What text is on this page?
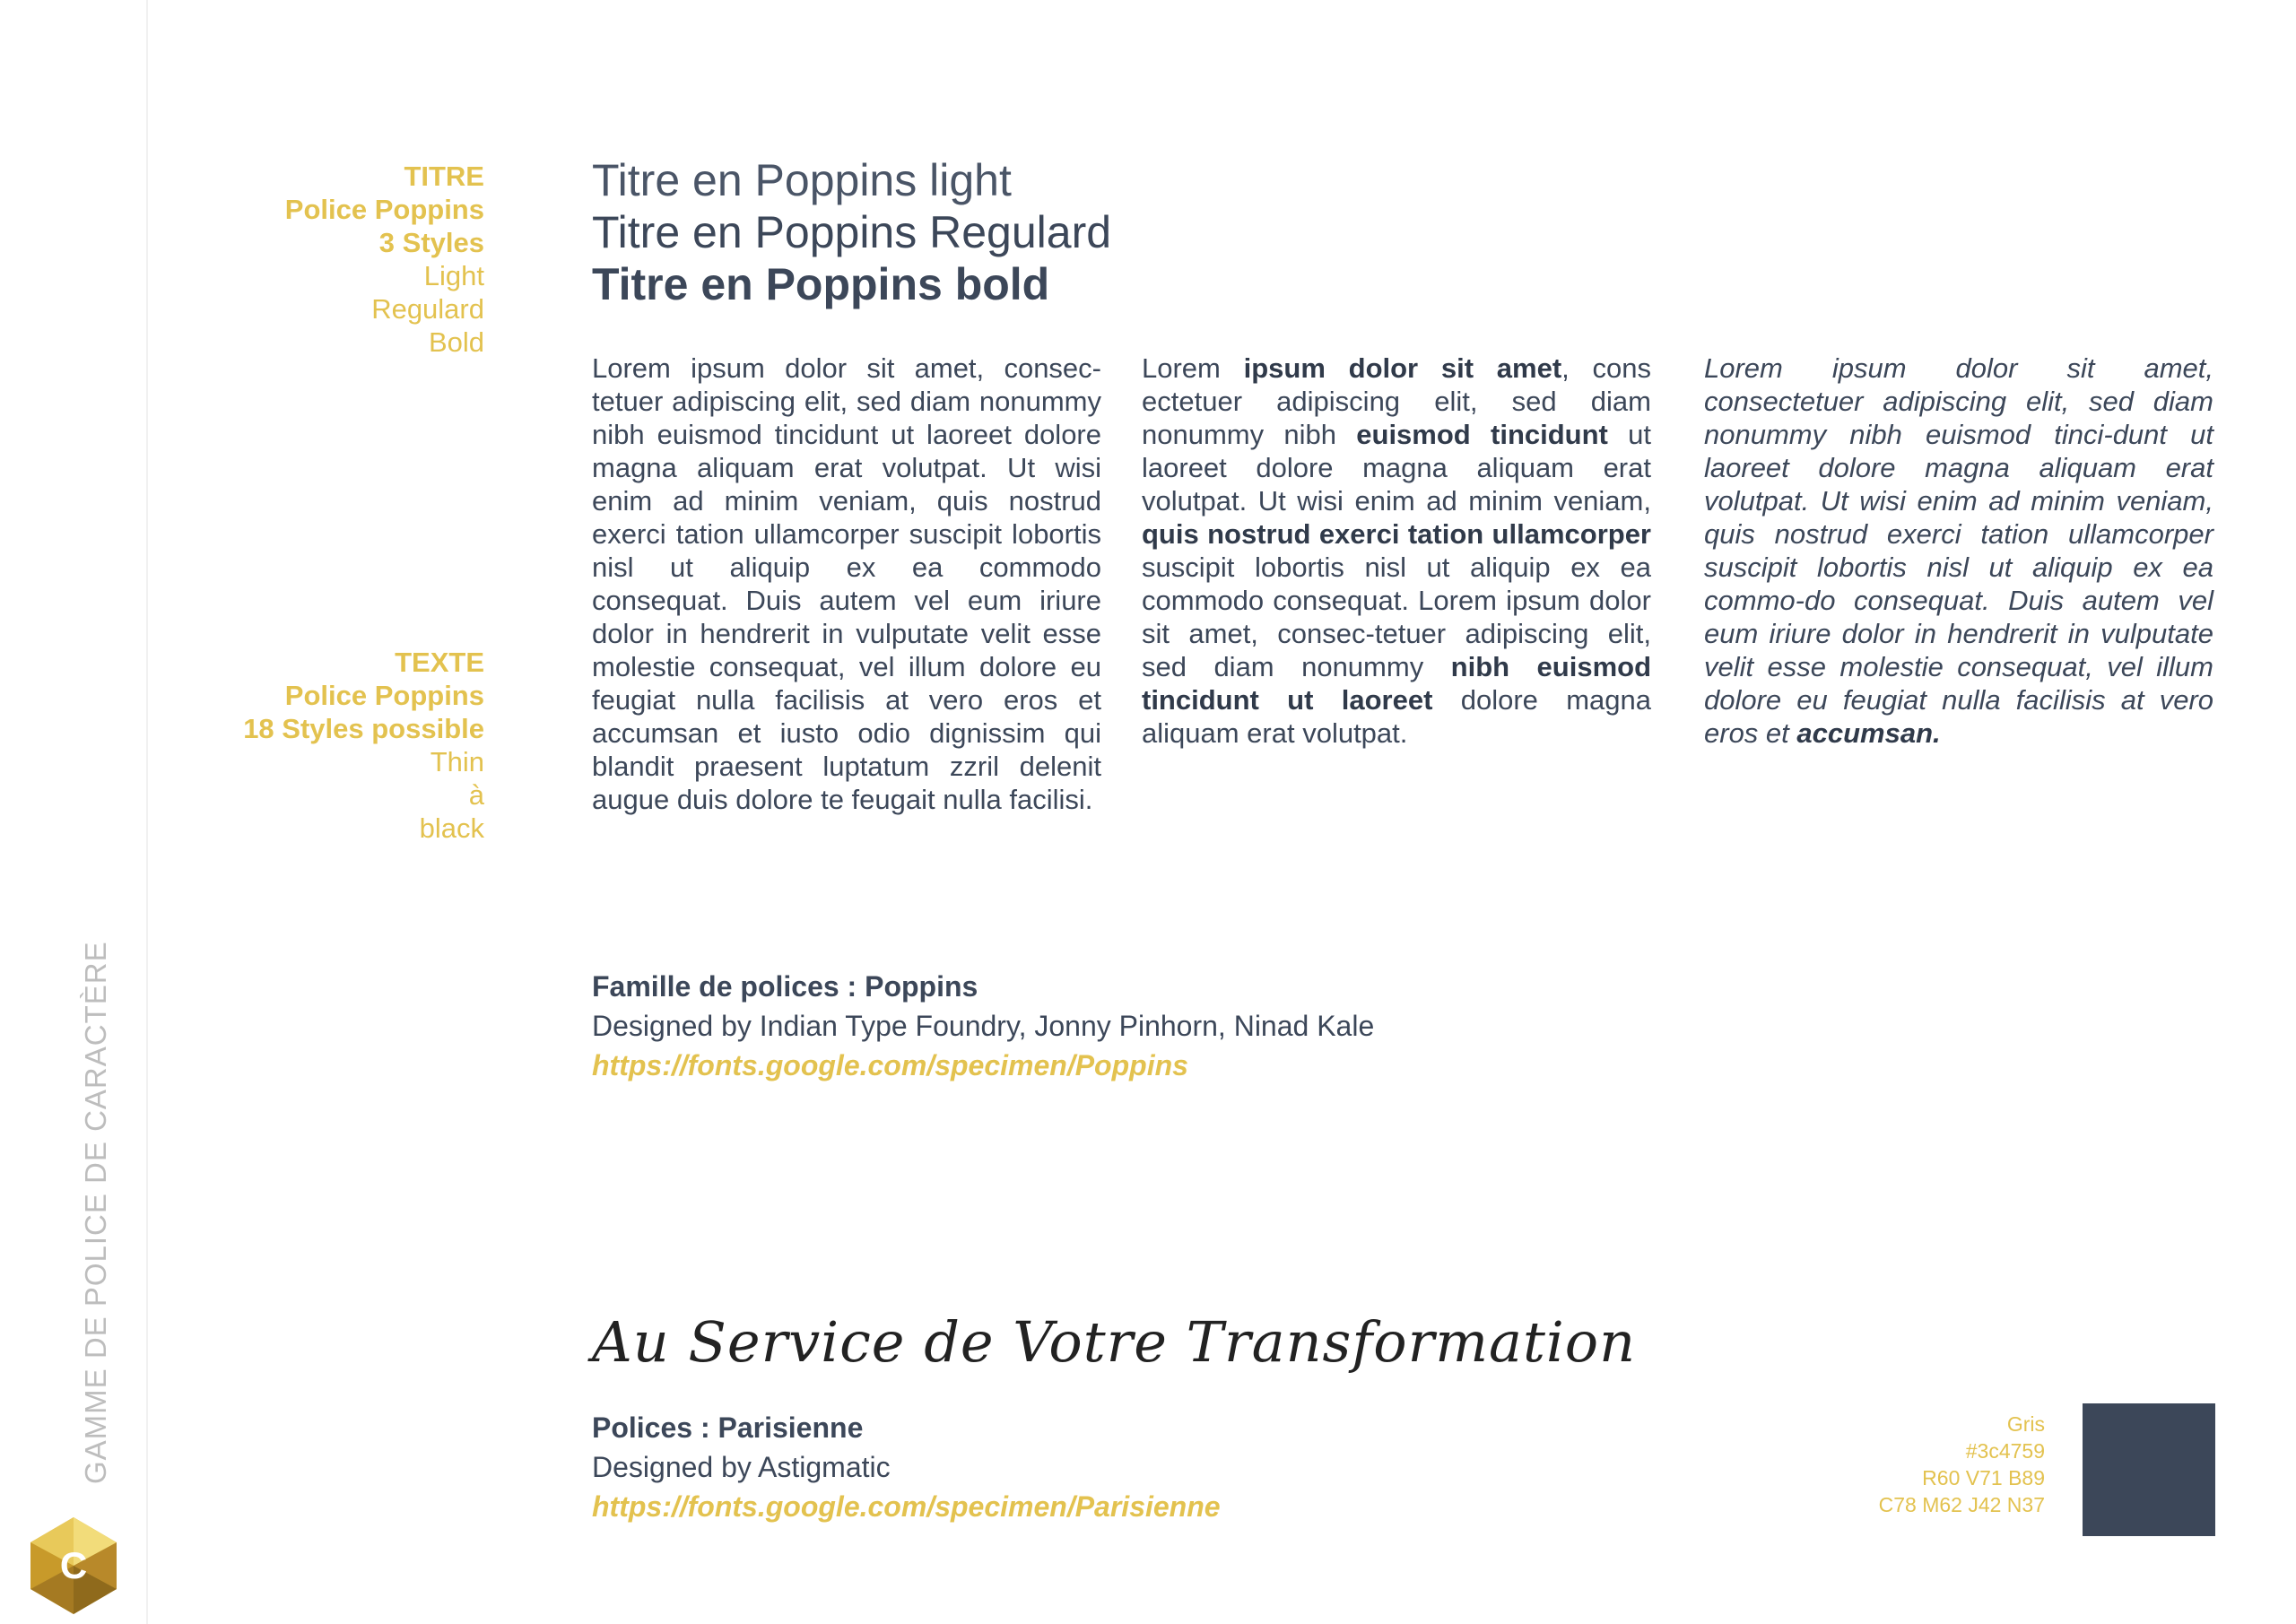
GAMME DE POLICE DE CARACTÈRE
C
TITRE
Police Poppins
3 Styles
Light
Regulard
Bold
TEXTE
Police Poppins
18 Styles possible
Thin
à
black
Titre en Poppins light
Titre en Poppins Regulard
Titre en Poppins bold
Lorem ipsum dolor sit amet, consec-tetuer adipiscing elit, sed diam nonummy nibh euismod tincidunt ut laoreet dolore magna aliquam erat volutpat. Ut wisi enim ad minim veniam, quis nostrud exerci tation ullamcorper suscipit lobortis nisl ut aliquip ex ea commodo consequat. Duis autem vel eum iriure dolor in hendrerit in vulputate velit esse molestie consequat, vel illum dolore eu feugiat nulla facilisis at vero eros et accumsan et iusto odio dignissim qui blandit praesent luptatum zzril delenit augue duis dolore te feugait nulla facilisi.
Lorem ipsum dolor sit amet, cons ectetuer adipiscing elit, sed diam nonummy nibh euismod tincidunt ut laoreet dolore magna aliquam erat volutpat. Ut wisi enim ad minim veniam, quis nostrud exerci tation ullamcorper suscipit lobortis nisl ut aliquip ex ea commodo consequat. Lorem ipsum dolor sit amet, consec-tetuer adipiscing elit, sed diam nonummy nibh euismod tincidunt ut laoreet dolore magna aliquam erat volutpat.
Lorem ipsum dolor sit amet, consectetuer adipiscing elit, sed diam nonummy nibh euismod tinci-dunt ut laoreet dolore magna aliquam erat volutpat. Ut wisi enim ad minim veniam, quis nostrud exerci tation ullamcorper suscipit lobortis nisl ut aliquip ex ea commo-do consequat. Duis autem vel eum iriure dolor in hendrerit in vulputate velit esse molestie consequat, vel illum dolore eu feugiat nulla facilisis at vero eros et accumsan.
Famille de polices : Poppins
Designed by Indian Type Foundry, Jonny Pinhorn, Ninad Kale
https://fonts.google.com/specimen/Poppins
Au Service de Votre Transformation
Polices : Parisienne
Designed by Astigmatic
https://fonts.google.com/specimen/Parisienne
Gris
#3c4759
R60 V71 B89
C78 M62 J42 N37
